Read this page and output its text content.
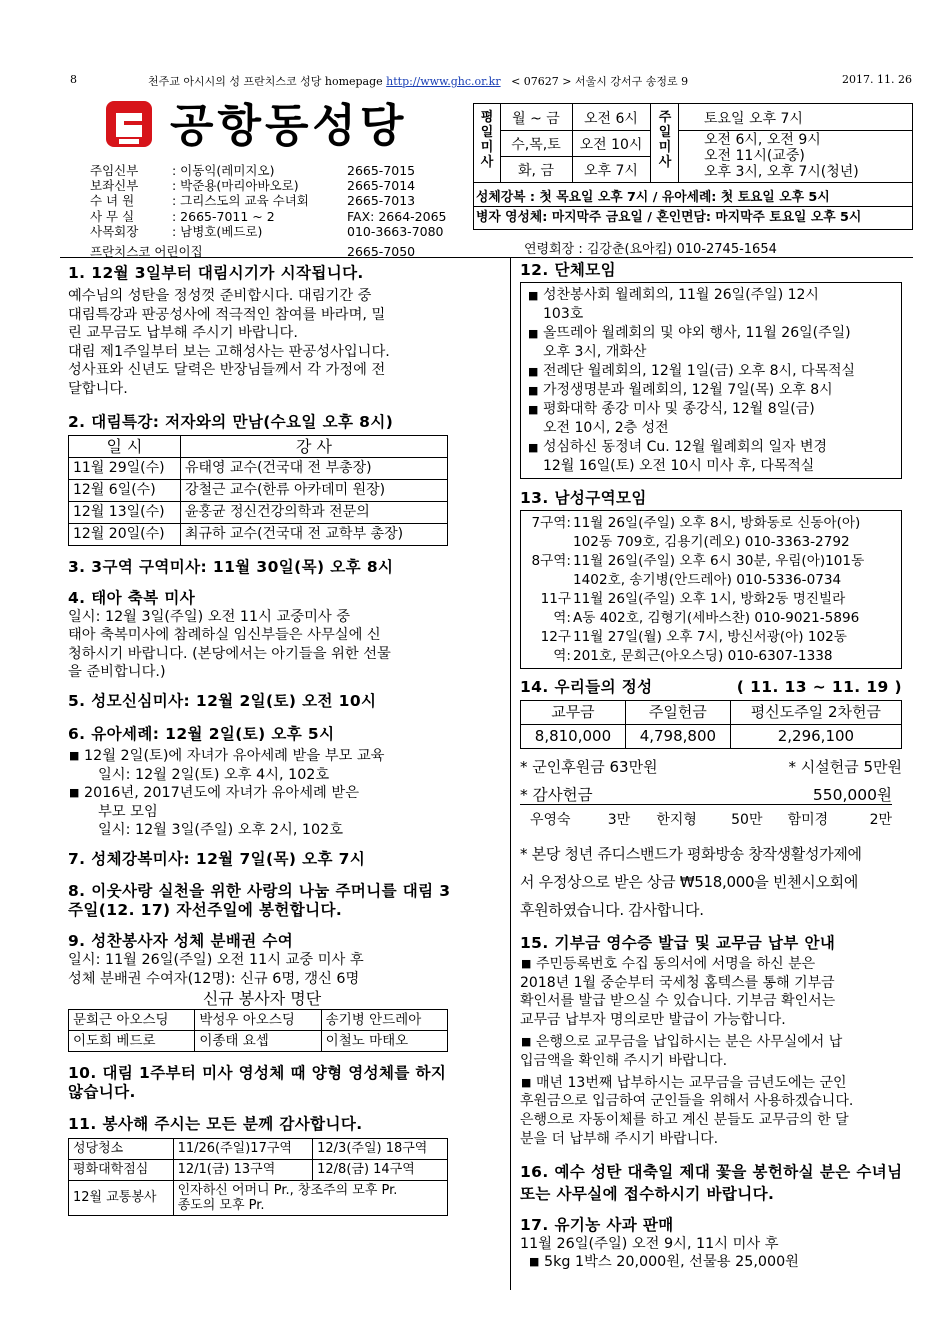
8	천주교 아시시의 성 프란치스코 성당 homepage http://www.ghc.or.kr < 07627 > 서울시 강서구 송정로 9	2017. 11. 26
공항동성당
주임신부	: 이동익(레미지오)	2665-7015
보좌신부	: 박준용(마리아바오로)	2665-7014
수 녀 원	: 그리스도의 교육 수녀회	2665-7013
사 무 실	: 2665-7011 ~ 2	FAX: 2664-2065
사목회장	: 남병호(베드로)	010-3663-7080
프란치스코 어린이집	2665-7050
평
일
미
사
월 ~ 금	오전 6시
수,목,토	오전 10시
화, 금	오후 7시
주
일
미
사
토요일 오후 7시
오전 6시, 오전 9시
오전 11시(교중)
오후 3시, 오후 7시(청년)
성체강복 : 첫 목요일 오후 7시 / 유아세례: 첫 토요일 오후 5시
병자 영성체: 마지막주 금요일 / 혼인면담: 마지막주 토요일 오후 5시
연령회장 : 김강춘(요아킴) 010-2745-1654

1. 12월 3일부터 대림시기가 시작됩니다.

예수님의 성탄을 정성껏 준비합시다. 대림기간 중

대림특강과 판공성사에 적극적인 참여를 바라며, 밀

린 교무금도 납부해 주시기 바랍니다.

대림 제1주일부터 보는 고해성사는 판공성사입니다.

성사표와 신년도 달력은 반장님들께서 각 가정에 전

달합니다.

2. 대림특강: 저자와의 만남(수요일 오후 8시)

일 시	강 사
11월 29일(수)	유태영 교수(건국대 전 부총장)
12월 6일(수)	강철근 교수(한류 아카데미 원장)
12월 13일(수)	윤홍균 정신건강의학과 전문의
12월 20일(수)	최규하 교수(건국대 전 교학부 총장)

3. 3구역 구역미사: 11월 30일(목) 오후 8시

4. 태아 축복 미사

일시: 12월 3일(주일) 오전 11시 교중미사 중

태아 축복미사에 참례하실 임신부들은 사무실에 신

청하시기 바랍니다. (본당에서는 아기들을 위한 선물

을 준비합니다.)

5. 성모신심미사: 12월 2일(토) 오전 10시

6. 유아세례: 12월 2일(토) 오후 5시

■ 12월 2일(토)에 자녀가 유아세례 받을 부모 교육

일시: 12월 2일(토) 오후 4시, 102호

■ 2016년, 2017년도에 자녀가 유아세례 받은

부모 모임

일시: 12월 3일(주일) 오후 2시, 102호

7. 성체강복미사: 12월 7일(목) 오후 7시

8. 이웃사랑 실천을 위한 사랑의 나눔 주머니를 대림 3주일(12. 17) 자선주일에 봉헌합니다.

9. 성찬봉사자 성체 분배권 수여

일시: 11월 26일(주일) 오전 11시 교중 미사 후

성체 분배권 수여자(12명): 신규 6명, 갱신 6명

신규 봉사자 명단

문희근 아오스딩	박성우 아오스딩	송기병 안드레아
이도희 베드로	이종태 요셉	이철노 마태오

10. 대림 1주부터 미사 영성체 때 양형 영성체를 하지 않습니다.

11. 봉사해 주시는 모든 분께 감사합니다.

성당청소	11/26(주일)17구역	12/3(주일) 18구역
평화대학점심	12/1(금) 13구역	12/8(금) 14구역
12월 교통봉사	인자하신 어머니 Pr., 창조주의 모후 Pr.
종도의 모후 Pr.	

12. 단체모임

■ 성찬봉사회 월례회의, 11월 26일(주일) 12시

103호

■ 올뜨레아 월례회의 및 야외 행사, 11월 26일(주일)

오후 3시, 개화산

■ 전례단 월례회의, 12월 1일(금) 오후 8시, 다목적실

■ 가정생명분과 월례회의, 12월 7일(목) 오후 8시

■ 평화대학 종강 미사 및 종강식, 12월 8일(금)

오전 10시, 2층 성전

■ 성심하신 동정녀 Cu. 12월 월례회의 일자 변경

12월 16일(토) 오전 10시 미사 후, 다목적실

13. 남성구역모임

7구역: 11월 26일(주일) 오후 8시, 방화동로 신동아(아)

102동 709호, 김용기(레오) 010-3363-2792

8구역: 11월 26일(주일) 오후 6시 30분, 우림(아)101동

1402호, 송기병(안드레아) 010-5336-0734

11구역:

11월 26일(주일) 오후 1시, 방화2동 명진빌라

A동 402호, 김형기(세바스찬) 010-9021-5896

12구역:

11월 27일(월) 오후 7시, 방신서광(아) 102동

201호, 문희근(아오스딩) 010-6307-1338

14. 우리들의 정성	( 11. 13 ~ 11. 19 )

교무금	주일헌금	평신도주일 2차헌금
8,810,000	4,798,800	2,296,100
* 군인후원금 63만원	* 시설헌금 5만원
* 감사헌금	550,000원
우영숙	3만	한지형	50만	함미경	2만

* 본당 청년 쥬디스밴드가 평화방송 창작생활성가제에

서 우정상으로 받은 상금 ₩518,000을 빈첸시오회에

후원하였습니다. 감사합니다.

15. 기부금 영수증 발급 및 교무금 납부 안내

■ 주민등록번호 수집 동의서에 서명을 하신 분은

2018년 1월 중순부터 국세청 홈텍스를 통해 기부금

확인서를 발급 받으실 수 있습니다. 기부금 확인서는

교무금 납부자 명의로만 발급이 가능합니다.

■ 은행으로 교무금을 납입하시는 분은 사무실에서 납

입금액을 확인해 주시기 바랍니다.

■ 매년 13번째 납부하시는 교무금을 금년도에는 군인

후원금으로 입금하여 군인들을 위해서 사용하겠습니다.

은행으로 자동이체를 하고 계신 분들도 교무금의 한 달

분을 더 납부해 주시기 바랍니다.

16. 예수 성탄 대축일 제대 꽃을 봉헌하실 분은 수녀님 또는 사무실에 접수하시기 바랍니다.

17. 유기농 사과 판매

11월 26일(주일) 오전 9시, 11시 미사 후

■ 5kg 1박스 20,000원, 선물용 25,000원
